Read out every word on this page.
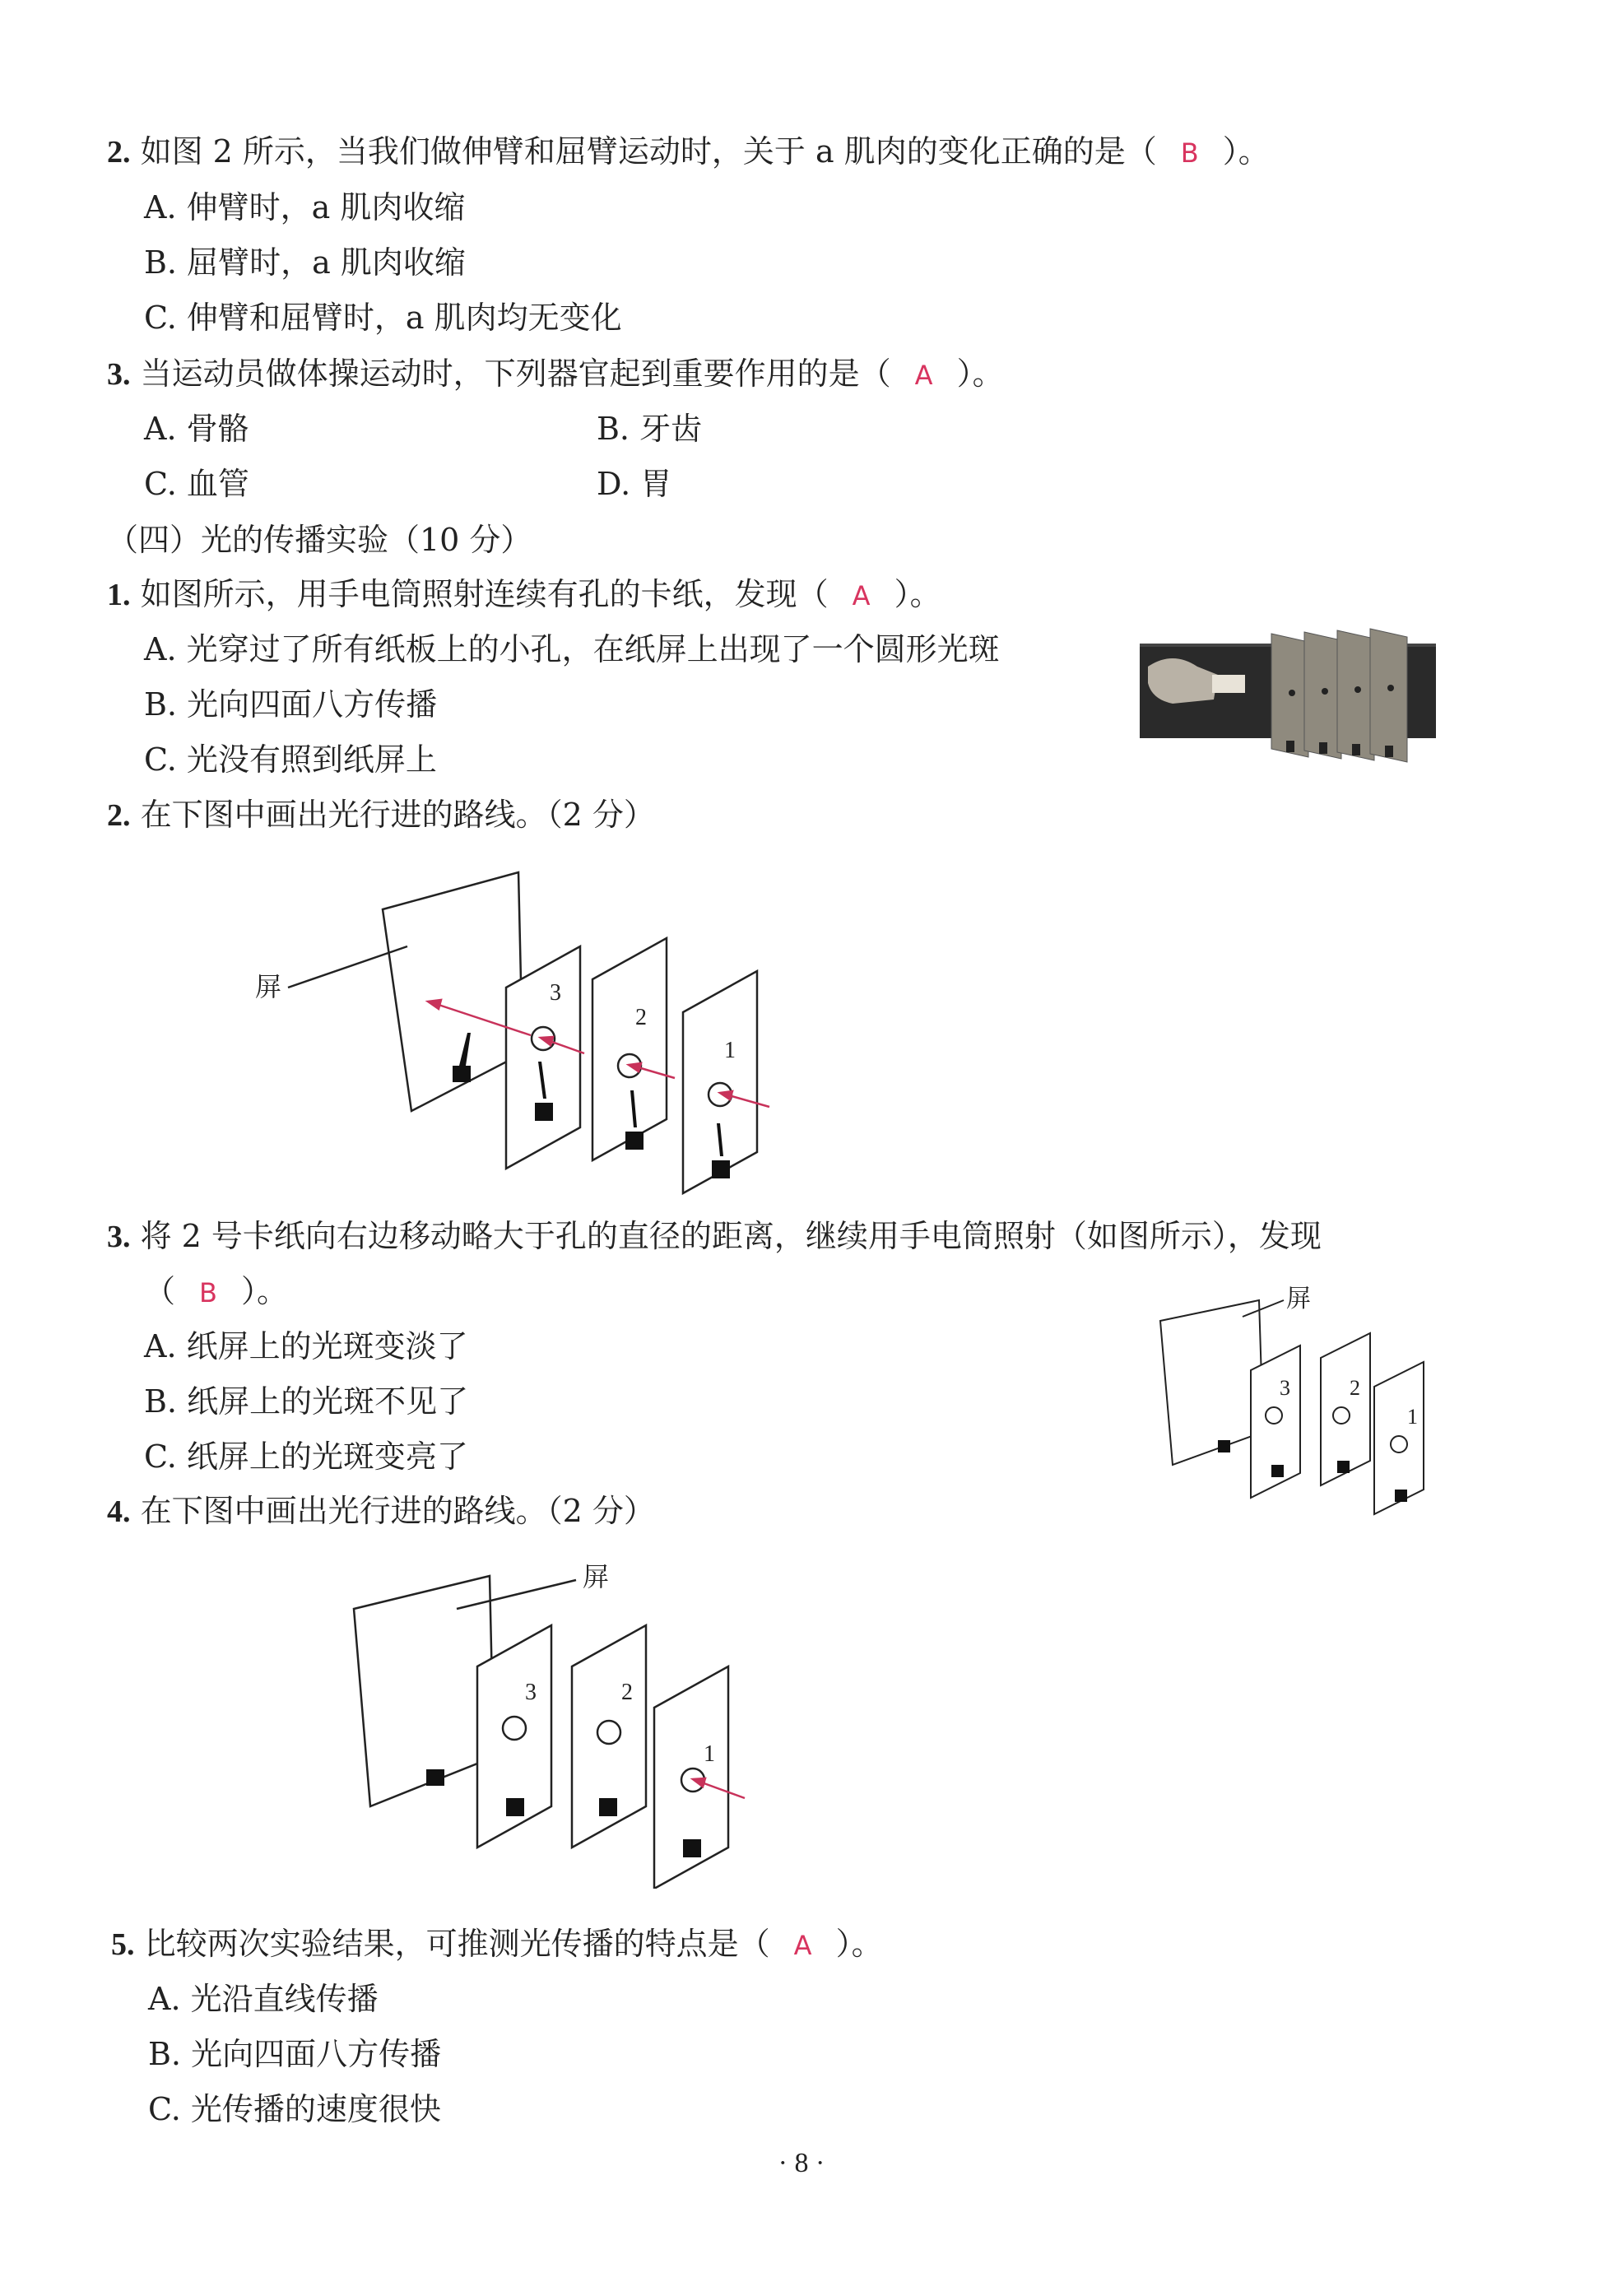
2. 如图 2 所示，当我们做伸臂和屈臂运动时，关于 a 肌肉的变化正确的是（ B ）。
A. 伸臂时，a 肌肉收缩
B. 屈臂时，a 肌肉收缩
C. 伸臂和屈臂时，a 肌肉均无变化
3. 当运动员做体操运动时，下列器官起到重要作用的是（ A ）。
A. 骨骼	B. 牙齿
C. 血管	D. 胃
（四）光的传播实验（10 分）
1. 如图所示，用手电筒照射连续有孔的卡纸，发现（ A ）。
A. 光穿过了所有纸板上的小孔，在纸屏上出现了一个圆形光斑
B. 光向四面八方传播
C. 光没有照到纸屏上
2. 在下图中画出光行进的路线。（2 分）
屏	3
2
1
3. 将 2 号卡纸向右边移动略大于孔的直径的距离，继续用手电筒照射（如图所示），发现
（ B ）。
A. 纸屏上的光斑变淡了
B. 纸屏上的光斑不见了
C. 纸屏上的光斑变亮了
屏
3	2
1
4. 在下图中画出光行进的路线。（2 分）
屏
3	2
1
5. 比较两次实验结果，可推测光传播的特点是（ A ）。
A. 光沿直线传播
B. 光向四面八方传播
C. 光传播的速度很快
· 8 ·
